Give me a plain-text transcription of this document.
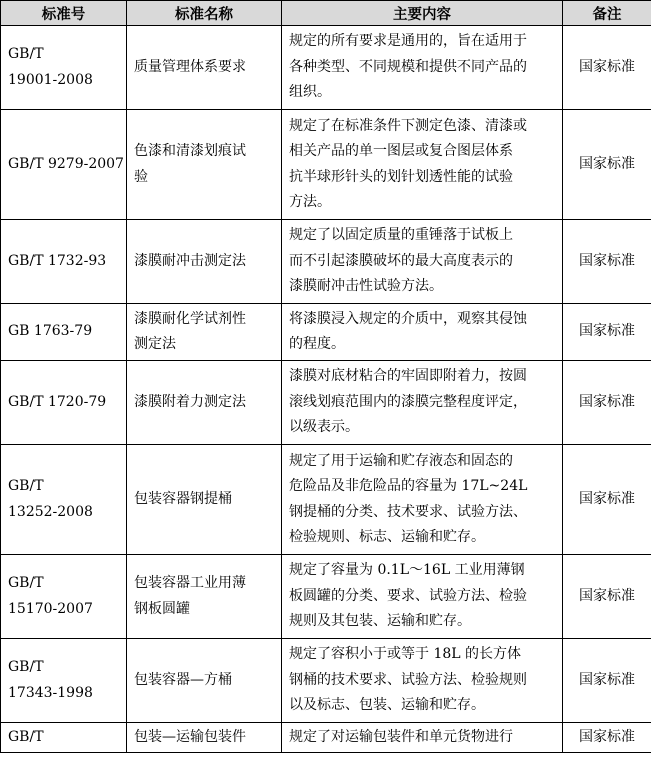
标准号	标准名称	主要内容	备注

GB/T
19001-2008	质量管理体系要求	规定的所有要求是通用的，旨在适用于
各种类型、不同规模和提供不同产品的
组织。	国家标准

GB/T 9279-2007	色漆和清漆划痕试
验	规定了在标准条件下测定色漆、清漆或
相关产品的单一图层或复合图层体系
抗半球形针头的划针划透性能的试验
方法。	国家标准

GB/T 1732-93	漆膜耐冲击测定法	规定了以固定质量的重锤落于试板上
而不引起漆膜破坏的最大高度表示的
漆膜耐冲击性试验方法。	国家标准

GB 1763-79	漆膜耐化学试剂性
测定法	将漆膜浸入规定的介质中，观察其侵蚀
的程度。	国家标准

GB/T 1720-79	漆膜附着力测定法	漆膜对底材粘合的牢固即附着力，按圆
滚线划痕范围内的漆膜完整程度评定，
以级表示。	国家标准

GB/T
13252-2008	包装容器钢提桶	规定了用于运输和贮存液态和固态的
危险品及非危险品的容量为 17L~24L
钢提桶的分类、技术要求、试验方法、
检验规则、标志、运输和贮存。	国家标准

GB/T
15170-2007	包装容器工业用薄
钢板圆罐	规定了容量为 0.1L～16L 工业用薄钢
板圆罐的分类、要求、试验方法、检验
规则及其包装、运输和贮存。	国家标准

GB/T
17343-1998	包装容器—方桶	规定了容积小于或等于 18L 的长方体
钢桶的技术要求、试验方法、检验规则
以及标志、包装、运输和贮存。	国家标准

GB/T	包装—运输包装件	规定了对运输包装件和单元货物进行	国家标准
